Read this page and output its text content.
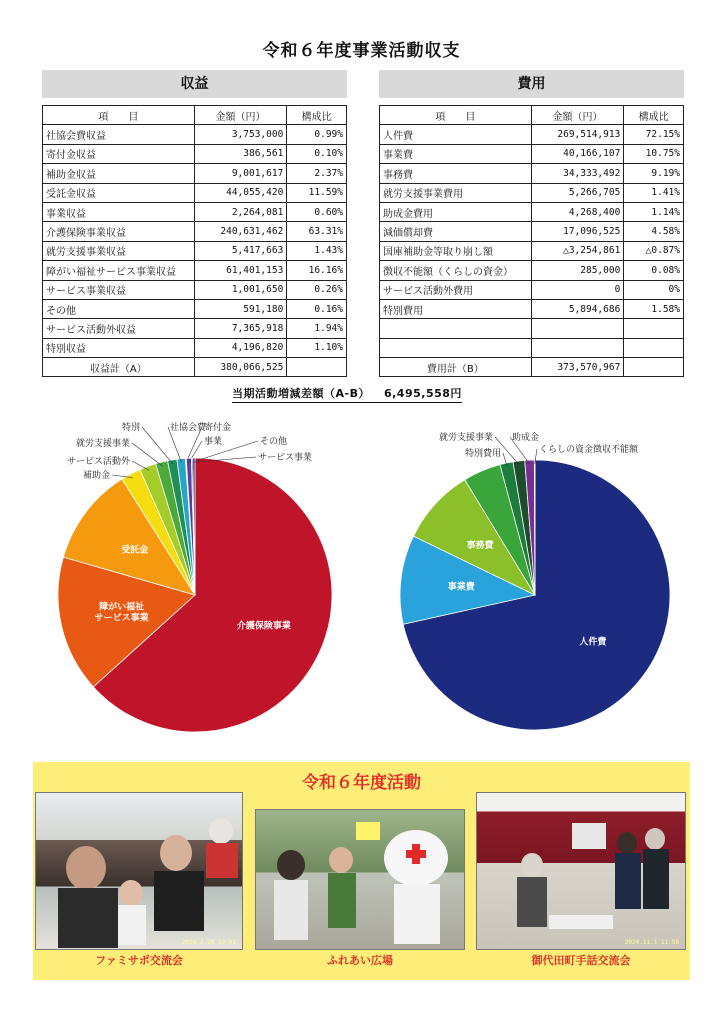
令和６年度事業活動収支
収益
項　　目	金額（円）	構成比
社協会費収益	3,753,000	0.99%
寄付金収益	386,561	0.10%
補助金収益	9,001,617	2.37%
受託金収益	44,055,420	11.59%
事業収益	2,264,081	0.60%
介護保険事業収益	240,631,462	63.31%
就労支援事業収益	5,417,663	1.43%
障がい福祉サービス事業収益	61,401,153	16.16%
サービス事業収益	1,001,650	0.26%
その他	591,180	0.16%
サービス活動外収益	7,365,918	1.94%
特別収益	4,196,820	1.10%
収益計（A）	380,066,525	
費用
項　　目	金額（円）	構成比
人件費	269,514,913	72.15%
事業費	40,166,107	10.75%
事務費	34,333,492	9.19%
就労支援事業費用	5,266,705	1.41%
助成金費用	4,268,400	1.14%
減価償却費	17,096,525	4.58%
国庫補助金等取り崩し額	△3,254,861	△0.87%
徴収不能額（くらしの資金）	285,000	0.08%
サービス活動外費用	0	0%
特別費用	5,894,686	1.58%

費用計（B）	373,570,967	
当期活動増減差額（A-B） 6,495,558円
介護保険事業
障がい福祉
サービス事業
受託金
補助金
サービス活動外
就労支援事業
特別	社協会費
寄付金
事業	その他
サービス事業
人件費
事業費
事務費
特別費用
就労支援事業 助成金
くらしの資金徴収不能額
令和６年度活動
2024.2.28 10:01
ファミサポ交流会	ふれあい広場
2024.11.1 11:58
御代田町手話交流会
